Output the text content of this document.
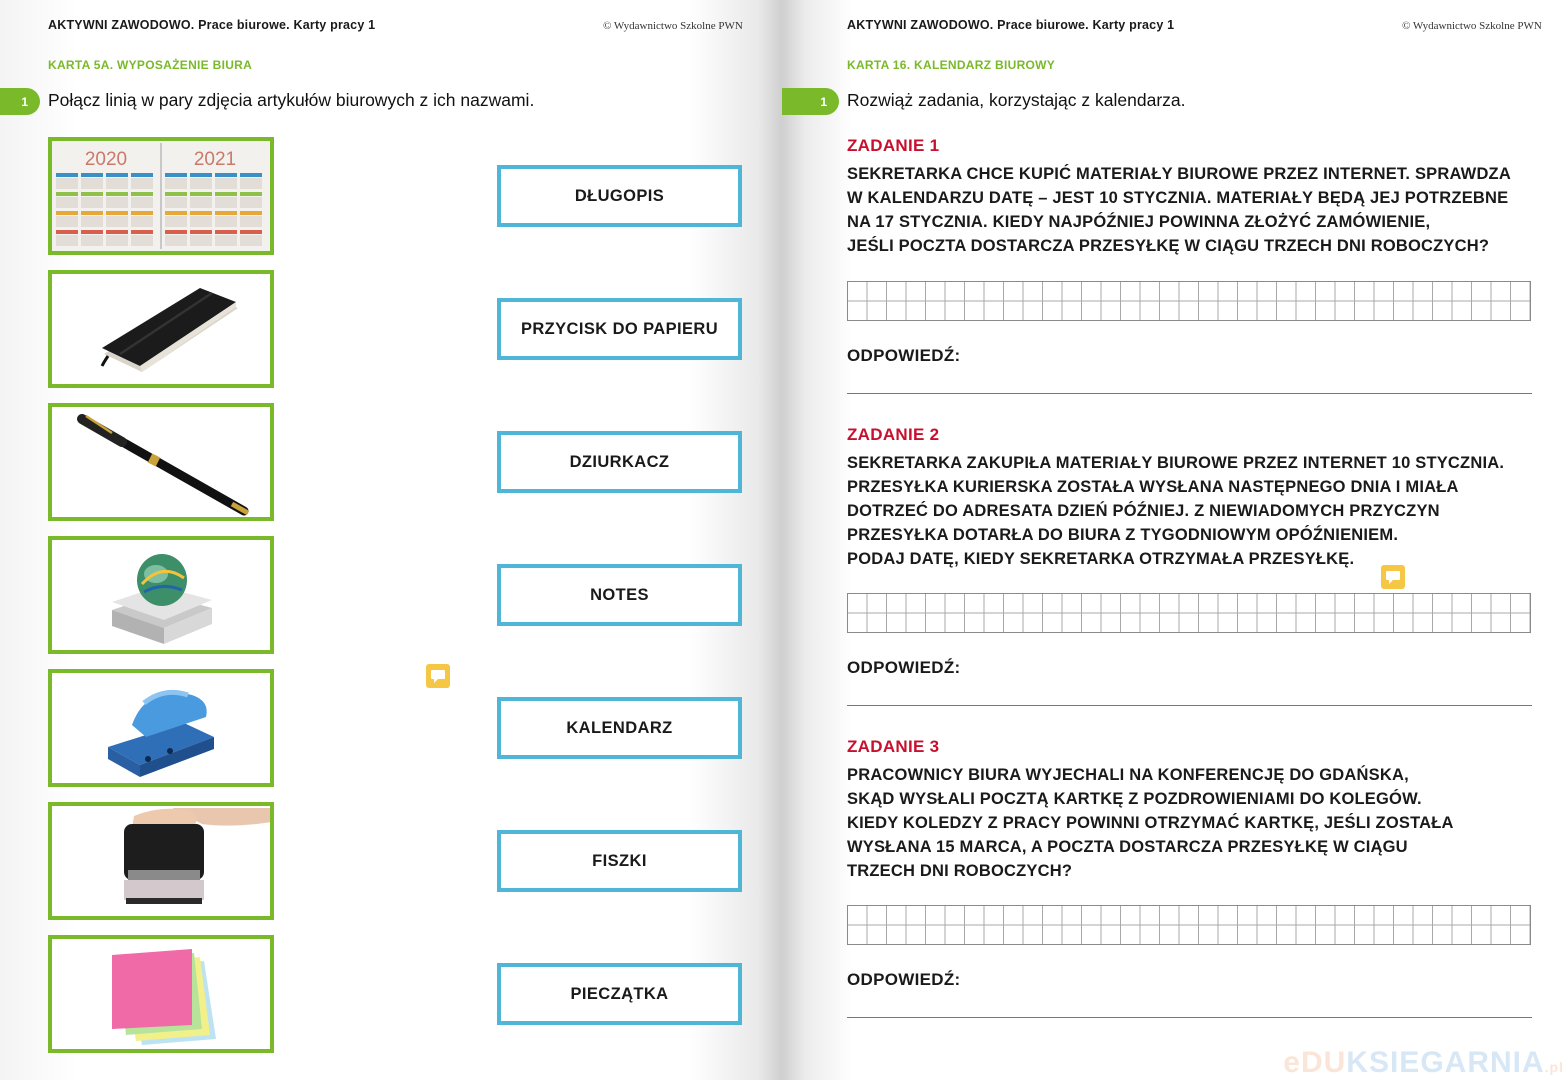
AKTYWNI ZAWODOWO. Prace biurowe. Karty pracy 1	© Wydawnictwo Szkolne PWN
KARTA 5A. WYPOSAŻENIE BIURA
1 Połącz linią w pary zdjęcia artykułów biurowych z ich nazwami.
2020	2021
DŁUGOPIS
PRZYCISK DO PAPIERU
DZIURKACZ
NOTES
KALENDARZ
FISZKI
PIECZĄTKA
AKTYWNI ZAWODOWO. Prace biurowe. Karty pracy 1	© Wydawnictwo Szkolne PWN
KARTA 16. KALENDARZ BIUROWY
1 Rozwiąż zadania, korzystając z kalendarza.
ZADANIE 1
SEKRETARKA CHCE KUPIĆ MATERIAŁY BIUROWE PRZEZ INTERNET. SPRAWDZA
W KALENDARZU DATĘ – JEST 10 STYCZNIA. MATERIAŁY BĘDĄ JEJ POTRZEBNE
NA 17 STYCZNIA. KIEDY NAJPÓŹNIEJ POWINNA ZŁOŻYĆ ZAMÓWIENIE,
JEŚLI POCZTA DOSTARCZA PRZESYŁKĘ W CIĄGU TRZECH DNI ROBOCZYCH?
ODPOWIEDŹ:
ZADANIE 2
SEKRETARKA ZAKUPIŁA MATERIAŁY BIUROWE PRZEZ INTERNET 10 STYCZNIA.
PRZESYŁKA KURIERSKA ZOSTAŁA WYSŁANA NASTĘPNEGO DNIA I MIAŁA
DOTRZEĆ DO ADRESATA DZIEŃ PÓŹNIEJ. Z NIEWIADOMYCH PRZYCZYN
PRZESYŁKA DOTARŁA DO BIURA Z TYGODNIOWYM OPÓŹNIENIEM.
PODAJ DATĘ, KIEDY SEKRETARKA OTRZYMAŁA PRZESYŁKĘ.
ODPOWIEDŹ:
ZADANIE 3
PRACOWNICY BIURA WYJECHALI NA KONFERENCJĘ DO GDAŃSKA,
SKĄD WYSŁALI POCZTĄ KARTKĘ Z POZDROWIENIAMI DO KOLEGÓW.
KIEDY KOLEDZY Z PRACY POWINNI OTRZYMAĆ KARTKĘ, JEŚLI ZOSTAŁA
WYSŁANA 15 MARCA, A POCZTA DOSTARCZA PRZESYŁKĘ W CIĄGU
TRZECH DNI ROBOCZYCH?
ODPOWIEDŹ:
eDUKSIEGARNIA.pl
